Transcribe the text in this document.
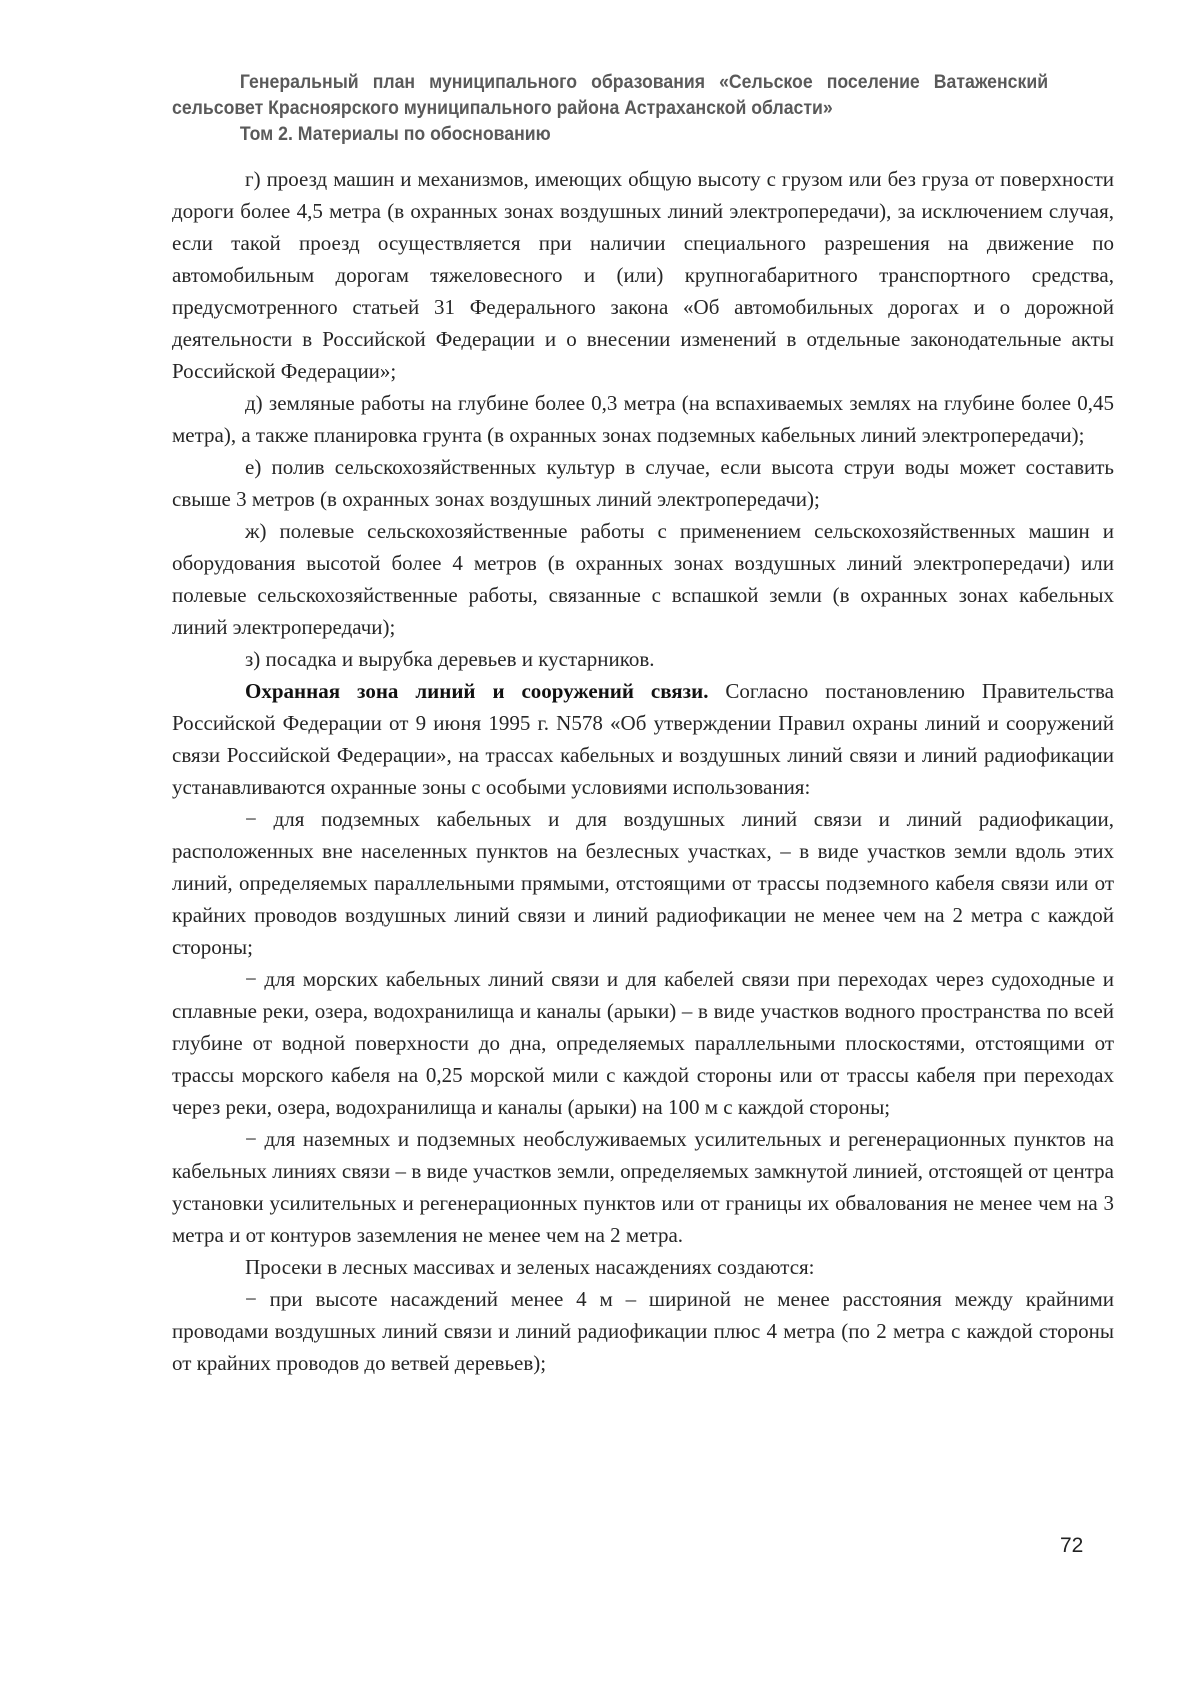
Генеральный план муниципального образования «Сельское поселение Ватаженский

сельсовет Красноярского муниципального района Астраханской области»

Том 2. Материалы по обоснованию

г) проезд машин и механизмов, имеющих общую высоту с грузом или без груза от поверхности дороги более 4,5 метра (в охранных зонах воздушных линий электропередачи), за исключением случая, если такой проезд осуществляется при наличии специального разрешения на движение по автомобильным дорогам тяжеловесного и (или) крупногабаритного транспортного средства, предусмотренного статьей 31 Федерального закона «Об автомобильных дорогах и о дорожной деятельности в Российской Федерации и о внесении изменений в отдельные законодательные акты Российской Федерации»;

д) земляные работы на глубине более 0,3 метра (на вспахиваемых землях на глубине более 0,45 метра), а также планировка грунта (в охранных зонах подземных кабельных линий электропередачи);

е) полив сельскохозяйственных культур в случае, если высота струи воды может составить свыше 3 метров (в охранных зонах воздушных линий электропередачи);

ж) полевые сельскохозяйственные работы с применением сельскохозяйственных машин и оборудования высотой более 4 метров (в охранных зонах воздушных линий электропередачи) или полевые сельскохозяйственные работы, связанные с вспашкой земли (в охранных зонах кабельных линий электропередачи);

з) посадка и вырубка деревьев и кустарников.

Охранная зона линий и сооружений связи. Согласно постановлению Правительства Российской Федерации от 9 июня 1995 г. N578 «Об утверждении Правил охраны линий и сооружений связи Российской Федерации», на трассах кабельных и воздушных линий связи и линий радиофикации устанавливаются охранные зоны с особыми условиями использования:

− для подземных кабельных и для воздушных линий связи и линий радиофикации, расположенных вне населенных пунктов на безлесных участках, – в виде участков земли вдоль этих линий, определяемых параллельными прямыми, отстоящими от трассы подземного кабеля связи или от крайних проводов воздушных линий связи и линий радиофикации не менее чем на 2 метра с каждой стороны;

− для морских кабельных линий связи и для кабелей связи при переходах через судоходные и сплавные реки, озера, водохранилища и каналы (арыки) – в виде участков водного пространства по всей глубине от водной поверхности до дна, определяемых параллельными плоскостями, отстоящими от трассы морского кабеля на 0,25 морской мили с каждой стороны или от трассы кабеля при переходах через реки, озера, водохранилища и каналы (арыки) на 100 м с каждой стороны;

− для наземных и подземных необслуживаемых усилительных и регенерационных пунктов на кабельных линиях связи – в виде участков земли, определяемых замкнутой линией, отстоящей от центра установки усилительных и регенерационных пунктов или от границы их обвалования не менее чем на 3 метра и от контуров заземления не менее чем на 2 метра.

Просеки в лесных массивах и зеленых насаждениях создаются:

− при высоте насаждений менее 4 м – шириной не менее расстояния между крайними проводами воздушных линий связи и линий радиофикации плюс 4 метра (по 2 метра с каждой стороны от крайних проводов до ветвей деревьев);

72
